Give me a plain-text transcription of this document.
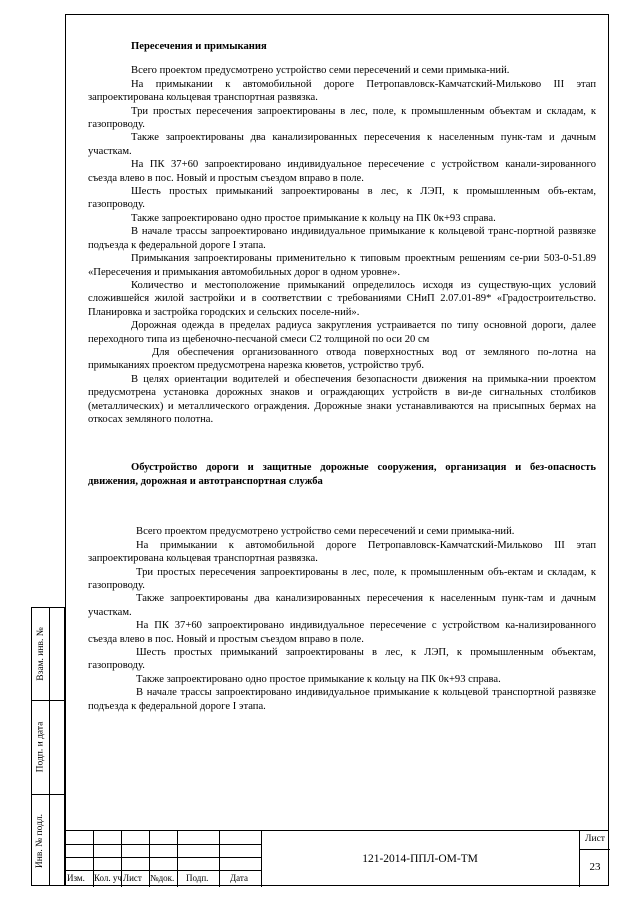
Пересечения и примыкания

Всего проектом предусмотрено устройство семи пересечений и семи примыка-ний.

На примыкании к автомобильной дороге Петропавловск-Камчатский-Мильково III этап запроектирована кольцевая транспортная развязка.

Три простых пересечения запроектированы в лес, поле, к промышленным объектам и складам, к газопроводу.

Также запроектированы два канализированных пересечения к населенным пунк-там и дачным участкам.

На ПК 37+60 запроектировано индивидуальное пересечение с устройством канали-зированного съезда влево в пос. Новый и простым съездом вправо в поле.

Шесть простых примыканий запроектированы в лес, к ЛЭП, к промышленным объ-ектам, газопроводу.

Также запроектировано одно простое примыкание к кольцу на ПК 0к+93 справа.

В начале трассы запроектировано индивидуальное примыкание к кольцевой транс-портной развязке подъезда к федеральной дороге I этапа.

Примыкания запроектированы применительно к типовым проектным решениям се-рии 503-0-51.89 «Пересечения и примыкания автомобильных дорог в одном уровне».

Количество и местоположение примыканий определилось исходя из существую-щих условий сложившейся жилой застройки и в соответствии с требованиями СНиП 2.07.01-89* «Градостроительство. Планировка и застройка городских и сельских поселе-ний».

Дорожная одежда в пределах радиуса закругления устраивается по типу основной дороги, далее переходного типа из щебеночно-песчаной смеси С2 толщиной по оси 20 см

Для обеспечения организованного отвода поверхностных вод от земляного по-лотна на примыканиях проектом предусмотрена нарезка кюветов, устройство труб.

В целях ориентации водителей и обеспечения безопасности движения на примыка-нии проектом предусмотрена установка дорожных знаков и ограждающих устройств в ви-де сигнальных столбиков (металлических) и металлического ограждения. Дорожные знаки устанавливаются на присыпных бермах на откосах земляного полотна.

Обустройство дороги и защитные дорожные сооружения, организация и без-опасность движения, дорожная и автотранспортная служба

Всего проектом предусмотрено устройство семи пересечений и семи примыка-ний.

На примыкании к автомобильной дороге Петропавловск-Камчатский-Мильково III этап запроектирована кольцевая транспортная развязка.

Три простых пересечения запроектированы в лес, поле, к промышленным объ-ектам и складам, к газопроводу.

Также запроектированы два канализированных пересечения к населенным пунк-там и дачным участкам.

На ПК 37+60 запроектировано индивидуальное пересечение с устройством ка-нализированного съезда влево в пос. Новый и простым съездом вправо в поле.

Шесть простых примыканий запроектированы в лес, к ЛЭП, к промышленным объектам, газопроводу.

Также запроектировано одно простое примыкание к кольцу на ПК 0к+93 справа.

В начале трассы запроектировано индивидуальное примыкание к кольцевой транспортной развязке подъезда к федеральной дороге I этапа.

Взам. инв. №
Подп. и дата
Инв. № подл.
Изм. Кол. уч Лист №док. Подп. Дата
121-2014-ППЛ-ОМ-ТМ
Лист
23
